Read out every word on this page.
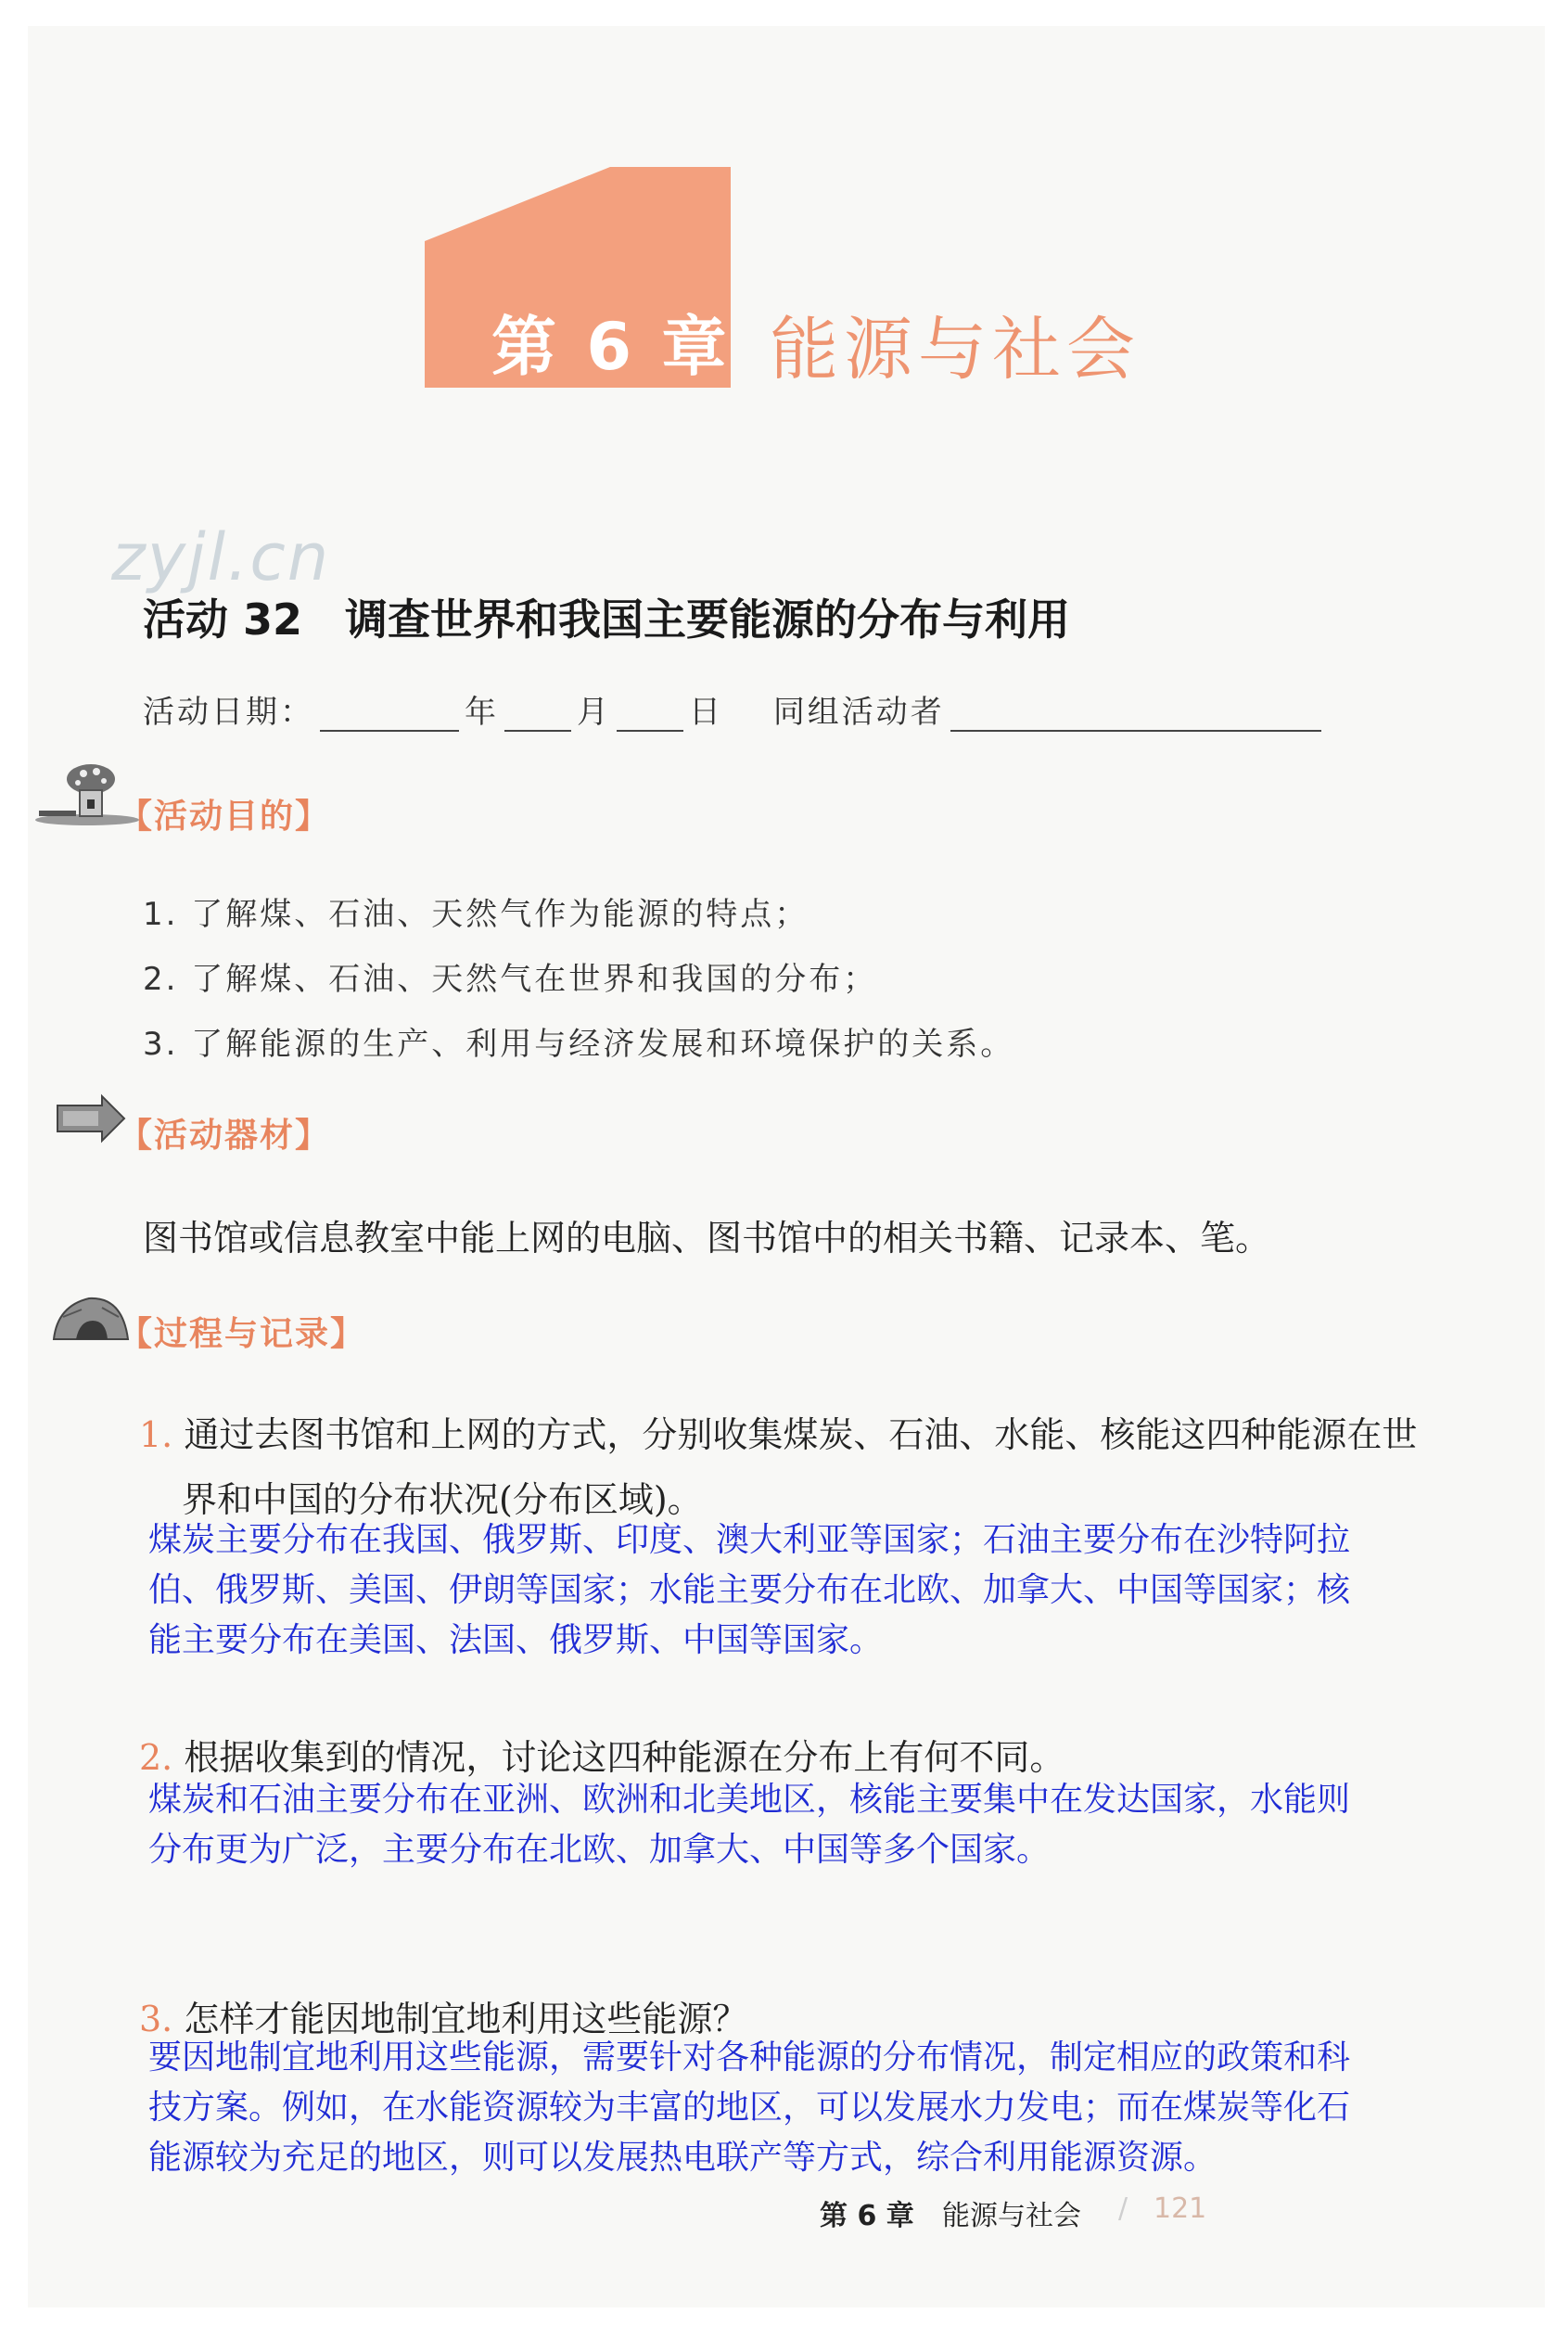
第 6 章 能源与社会
zyjl.cn
活动 32　调查世界和我国主要能源的分布与利用
活动日期：	年 月 日 同组活动者
【活动目的】
1. 了解煤、石油、天然气作为能源的特点；
2. 了解煤、石油、天然气在世界和我国的分布；
3. 了解能源的生产、利用与经济发展和环境保护的关系。
【活动器材】
图书馆或信息教室中能上网的电脑、图书馆中的相关书籍、记录本、笔。
【过程与记录】
1. 通过去图书馆和上网的方式，分别收集煤炭、石油、水能、核能这四种能源在世
界和中国的分布状况(分布区域)。
煤炭主要分布在我国、俄罗斯、印度、澳大利亚等国家；石油主要分布在沙特阿拉
伯、俄罗斯、美国、伊朗等国家；水能主要分布在北欧、加拿大、中国等国家；核
能主要分布在美国、法国、俄罗斯、中国等国家。
2. 根据收集到的情况，讨论这四种能源在分布上有何不同。
煤炭和石油主要分布在亚洲、欧洲和北美地区，核能主要集中在发达国家，水能则
分布更为广泛，主要分布在北欧、加拿大、中国等多个国家。
3. 怎样才能因地制宜地利用这些能源？
要因地制宜地利用这些能源，需要针对各种能源的分布情况，制定相应的政策和科
技方案。例如，在水能资源较为丰富的地区，可以发展水力发电；而在煤炭等化石
能源较为充足的地区，则可以发展热电联产等方式，综合利用能源资源。
第 6 章 能源与社会 / 121
